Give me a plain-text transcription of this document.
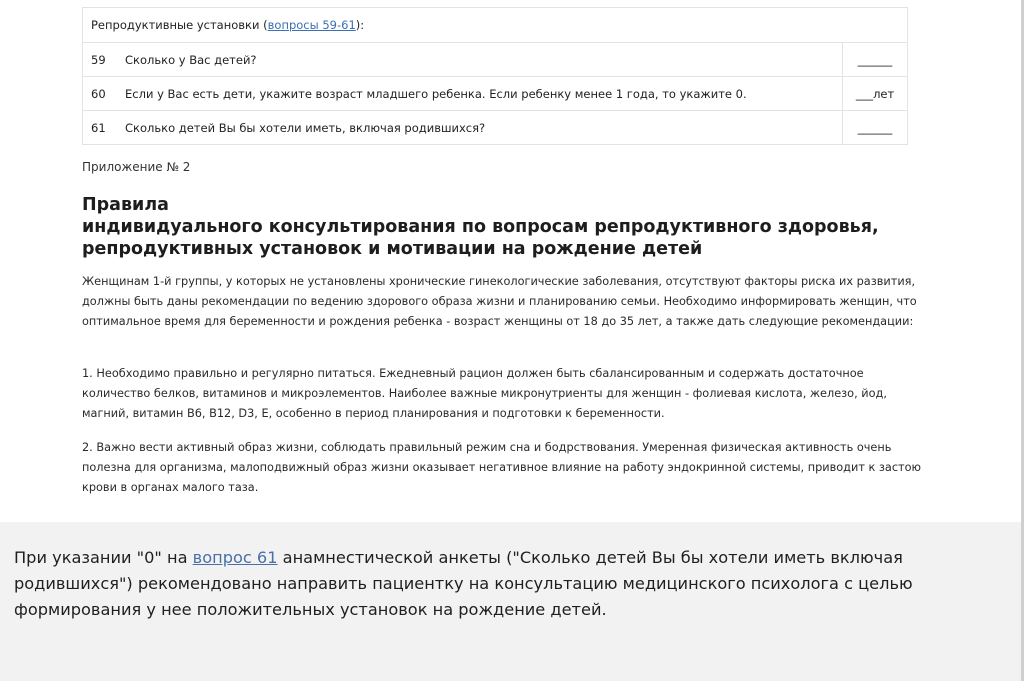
Репродуктивные установки (вопросы 59-61):		
59	Сколько у Вас детей?	______
60	Если у Вас есть дети, укажите возраст младшего ребенка. Если ребенку менее 1 года, то укажите 0.	___лет
61	Сколько детей Вы бы хотели иметь, включая родившихся?	______
Приложение № 2
Правила
индивидуального консультирования по вопросам репродуктивного здоровья,
репродуктивных установок и мотивации на рождение детей
Женщинам 1-й группы, у которых не установлены хронические гинекологические заболевания, отсутствуют факторы риска их развития, должны быть даны рекомендации по ведению здорового образа жизни и планированию семьи. Необходимо информировать женщин, что оптимальное время для беременности и рождения ребенка - возраст женщины от 18 до 35 лет, а также дать следующие рекомендации:
1. Необходимо правильно и регулярно питаться. Ежедневный рацион должен быть сбалансированным и содержать достаточное количество белков, витаминов и микроэлементов. Наиболее важные микронутриенты для женщин - фолиевая кислота, железо, йод, магний, витамин В6, В12, D3, Е, особенно в период планирования и подготовки к беременности.
2. Важно вести активный образ жизни, соблюдать правильный режим сна и бодрствования. Умеренная физическая активность очень полезна для организма, малоподвижный образ жизни оказывает негативное влияние на работу эндокринной системы, приводит к застою крови в органах малого таза.
При указании "0" на вопрос 61 анамнестической анкеты ("Сколько детей Вы бы хотели иметь включая родившихся") рекомендовано направить пациентку на консультацию медицинского психолога с целью формирования у нее положительных установок на рождение детей.
